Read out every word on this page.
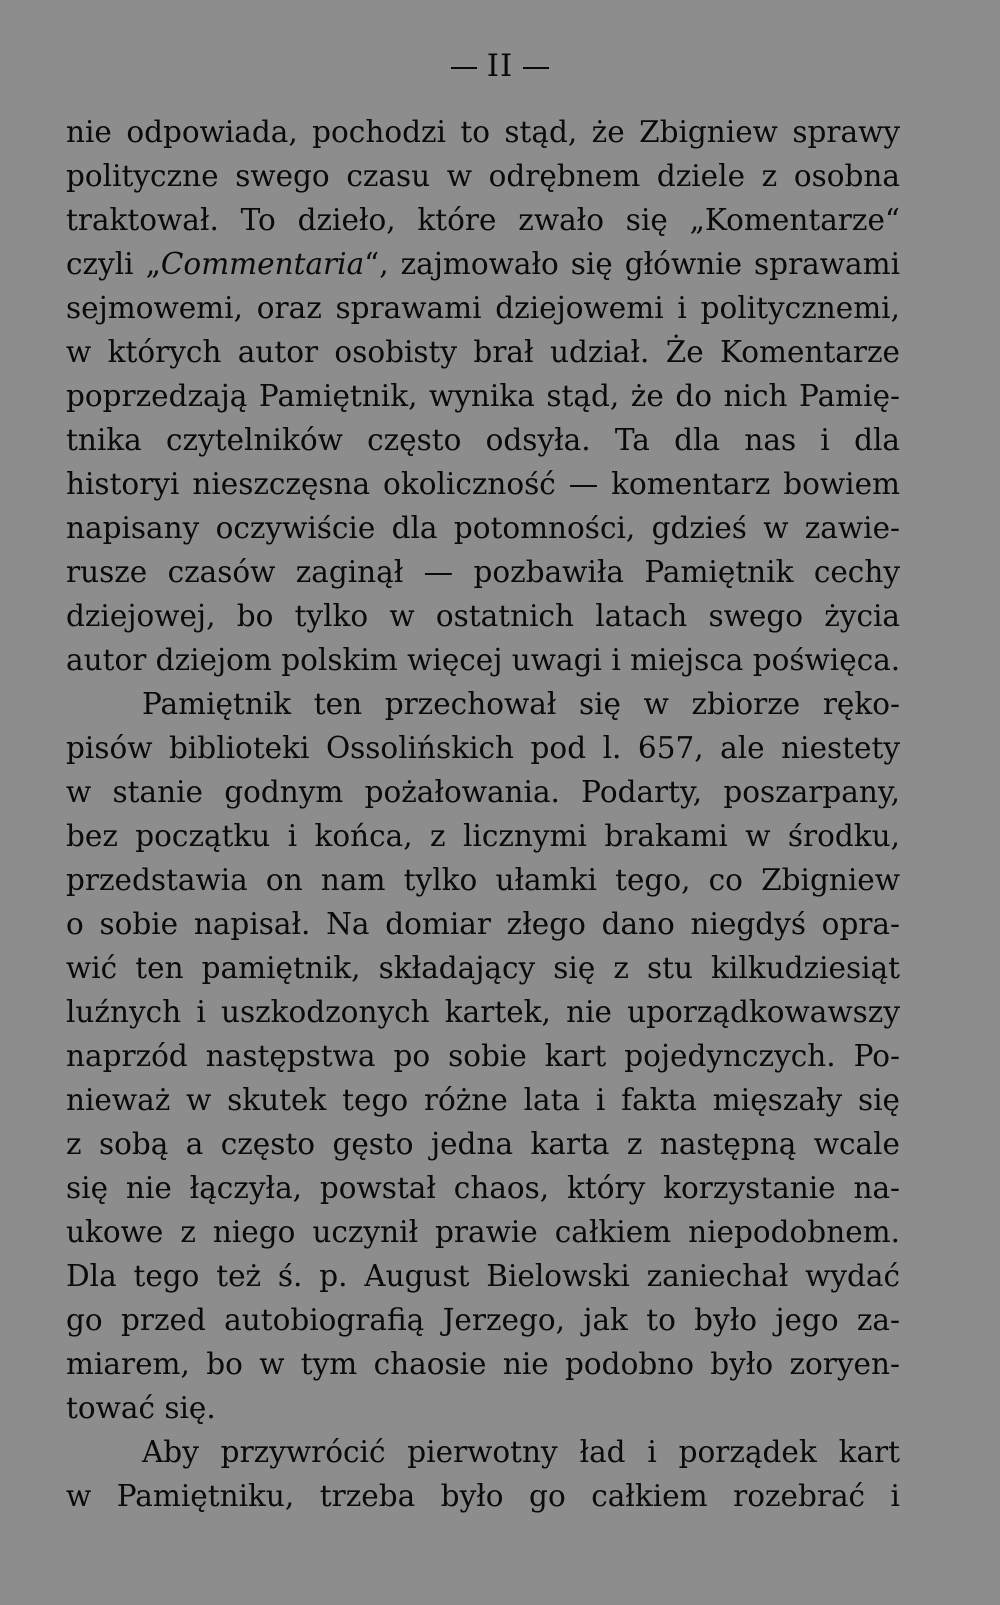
II
nie odpowiada, pochodzi to stąd, że Zbigniew sprawy
polityczne swego czasu w odrębnem dziele z osobna
traktował. To dzieło, które zwało się „Komentarze“
czyli „Commentaria“, zajmowało się głównie sprawami
sejmowemi, oraz sprawami dziejowemi i politycznemi,
w których autor osobisty brał udział. Że Komentarze
poprzedzają Pamiętnik, wynika stąd, że do nich Pamię-
tnika czytelników często odsyła. Ta dla nas i dla
historyi nieszczęsna okoliczność — komentarz bowiem
napisany oczywiście dla potomności, gdzieś w zawie-
rusze czasów zaginął — pozbawiła Pamiętnik cechy
dziejowej, bo tylko w ostatnich latach swego życia
autor dziejom polskim więcej uwagi i miejsca poświęca.
Pamiętnik ten przechował się w zbiorze ręko-
pisów biblioteki Ossolińskich pod l. 657, ale niestety
w stanie godnym pożałowania. Podarty, poszarpany,
bez początku i końca, z licznymi brakami w środku,
przedstawia on nam tylko ułamki tego, co Zbigniew
o sobie napisał. Na domiar złego dano niegdyś opra-
wić ten pamiętnik, składający się z stu kilkudziesiąt
luźnych i uszkodzonych kartek, nie uporządkowawszy
naprzód następstwa po sobie kart pojedynczych. Po-
nieważ w skutek tego różne lata i fakta mięszały się
z sobą a często gęsto jedna karta z następną wcale
się nie łączyła, powstał chaos, który korzystanie na-
ukowe z niego uczynił prawie całkiem niepodobnem.
Dla tego też ś. p. August Bielowski zaniechał wydać
go przed autobiografią Jerzego, jak to było jego za-
miarem, bo w tym chaosie nie podobno było zoryen-
tować się.
Aby przywrócić pierwotny ład i porządek kart
w Pamiętniku, trzeba było go całkiem rozebrać i
